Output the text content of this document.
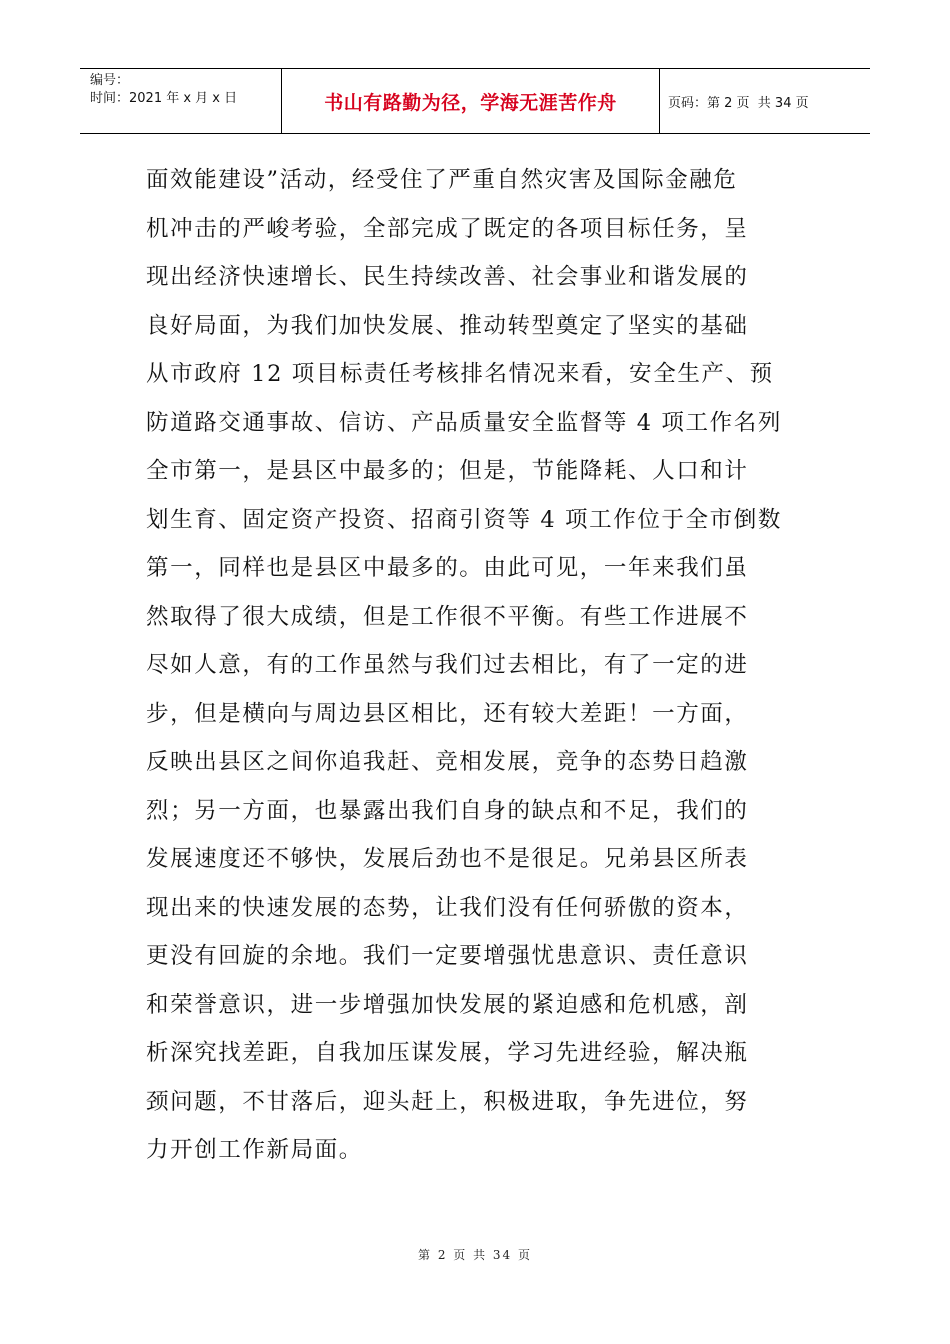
编号：
时间：2021 年 x 月 x 日	书山有路勤为径，学海无涯苦作舟	页码：第 2 页  共 34 页
面效能建设”活动，经受住了严重自然灾害及国际金融危
机冲击的严峻考验，全部完成了既定的各项目标任务，呈
现出经济快速增长、民生持续改善、社会事业和谐发展的
良好局面，为我们加快发展、推动转型奠定了坚实的基础
从市政府 12 项目标责任考核排名情况来看，安全生产、预
防道路交通事故、信访、产品质量安全监督等 4 项工作名列
全市第一，是县区中最多的；但是，节能降耗、人口和计
划生育、固定资产投资、招商引资等 4 项工作位于全市倒数
第一，同样也是县区中最多的。由此可见，一年来我们虽
然取得了很大成绩，但是工作很不平衡。有些工作进展不
尽如人意，有的工作虽然与我们过去相比，有了一定的进
步，但是横向与周边县区相比，还有较大差距！一方面，
反映出县区之间你追我赶、竞相发展，竞争的态势日趋激
烈；另一方面，也暴露出我们自身的缺点和不足，我们的
发展速度还不够快，发展后劲也不是很足。兄弟县区所表
现出来的快速发展的态势，让我们没有任何骄傲的资本，
更没有回旋的余地。我们一定要增强忧患意识、责任意识
和荣誉意识，进一步增强加快发展的紧迫感和危机感，剖
析深究找差距，自我加压谋发展，学习先进经验，解决瓶
颈问题，不甘落后，迎头赶上，积极进取，争先进位，努
力开创工作新局面。
第 2 页 共 34 页
